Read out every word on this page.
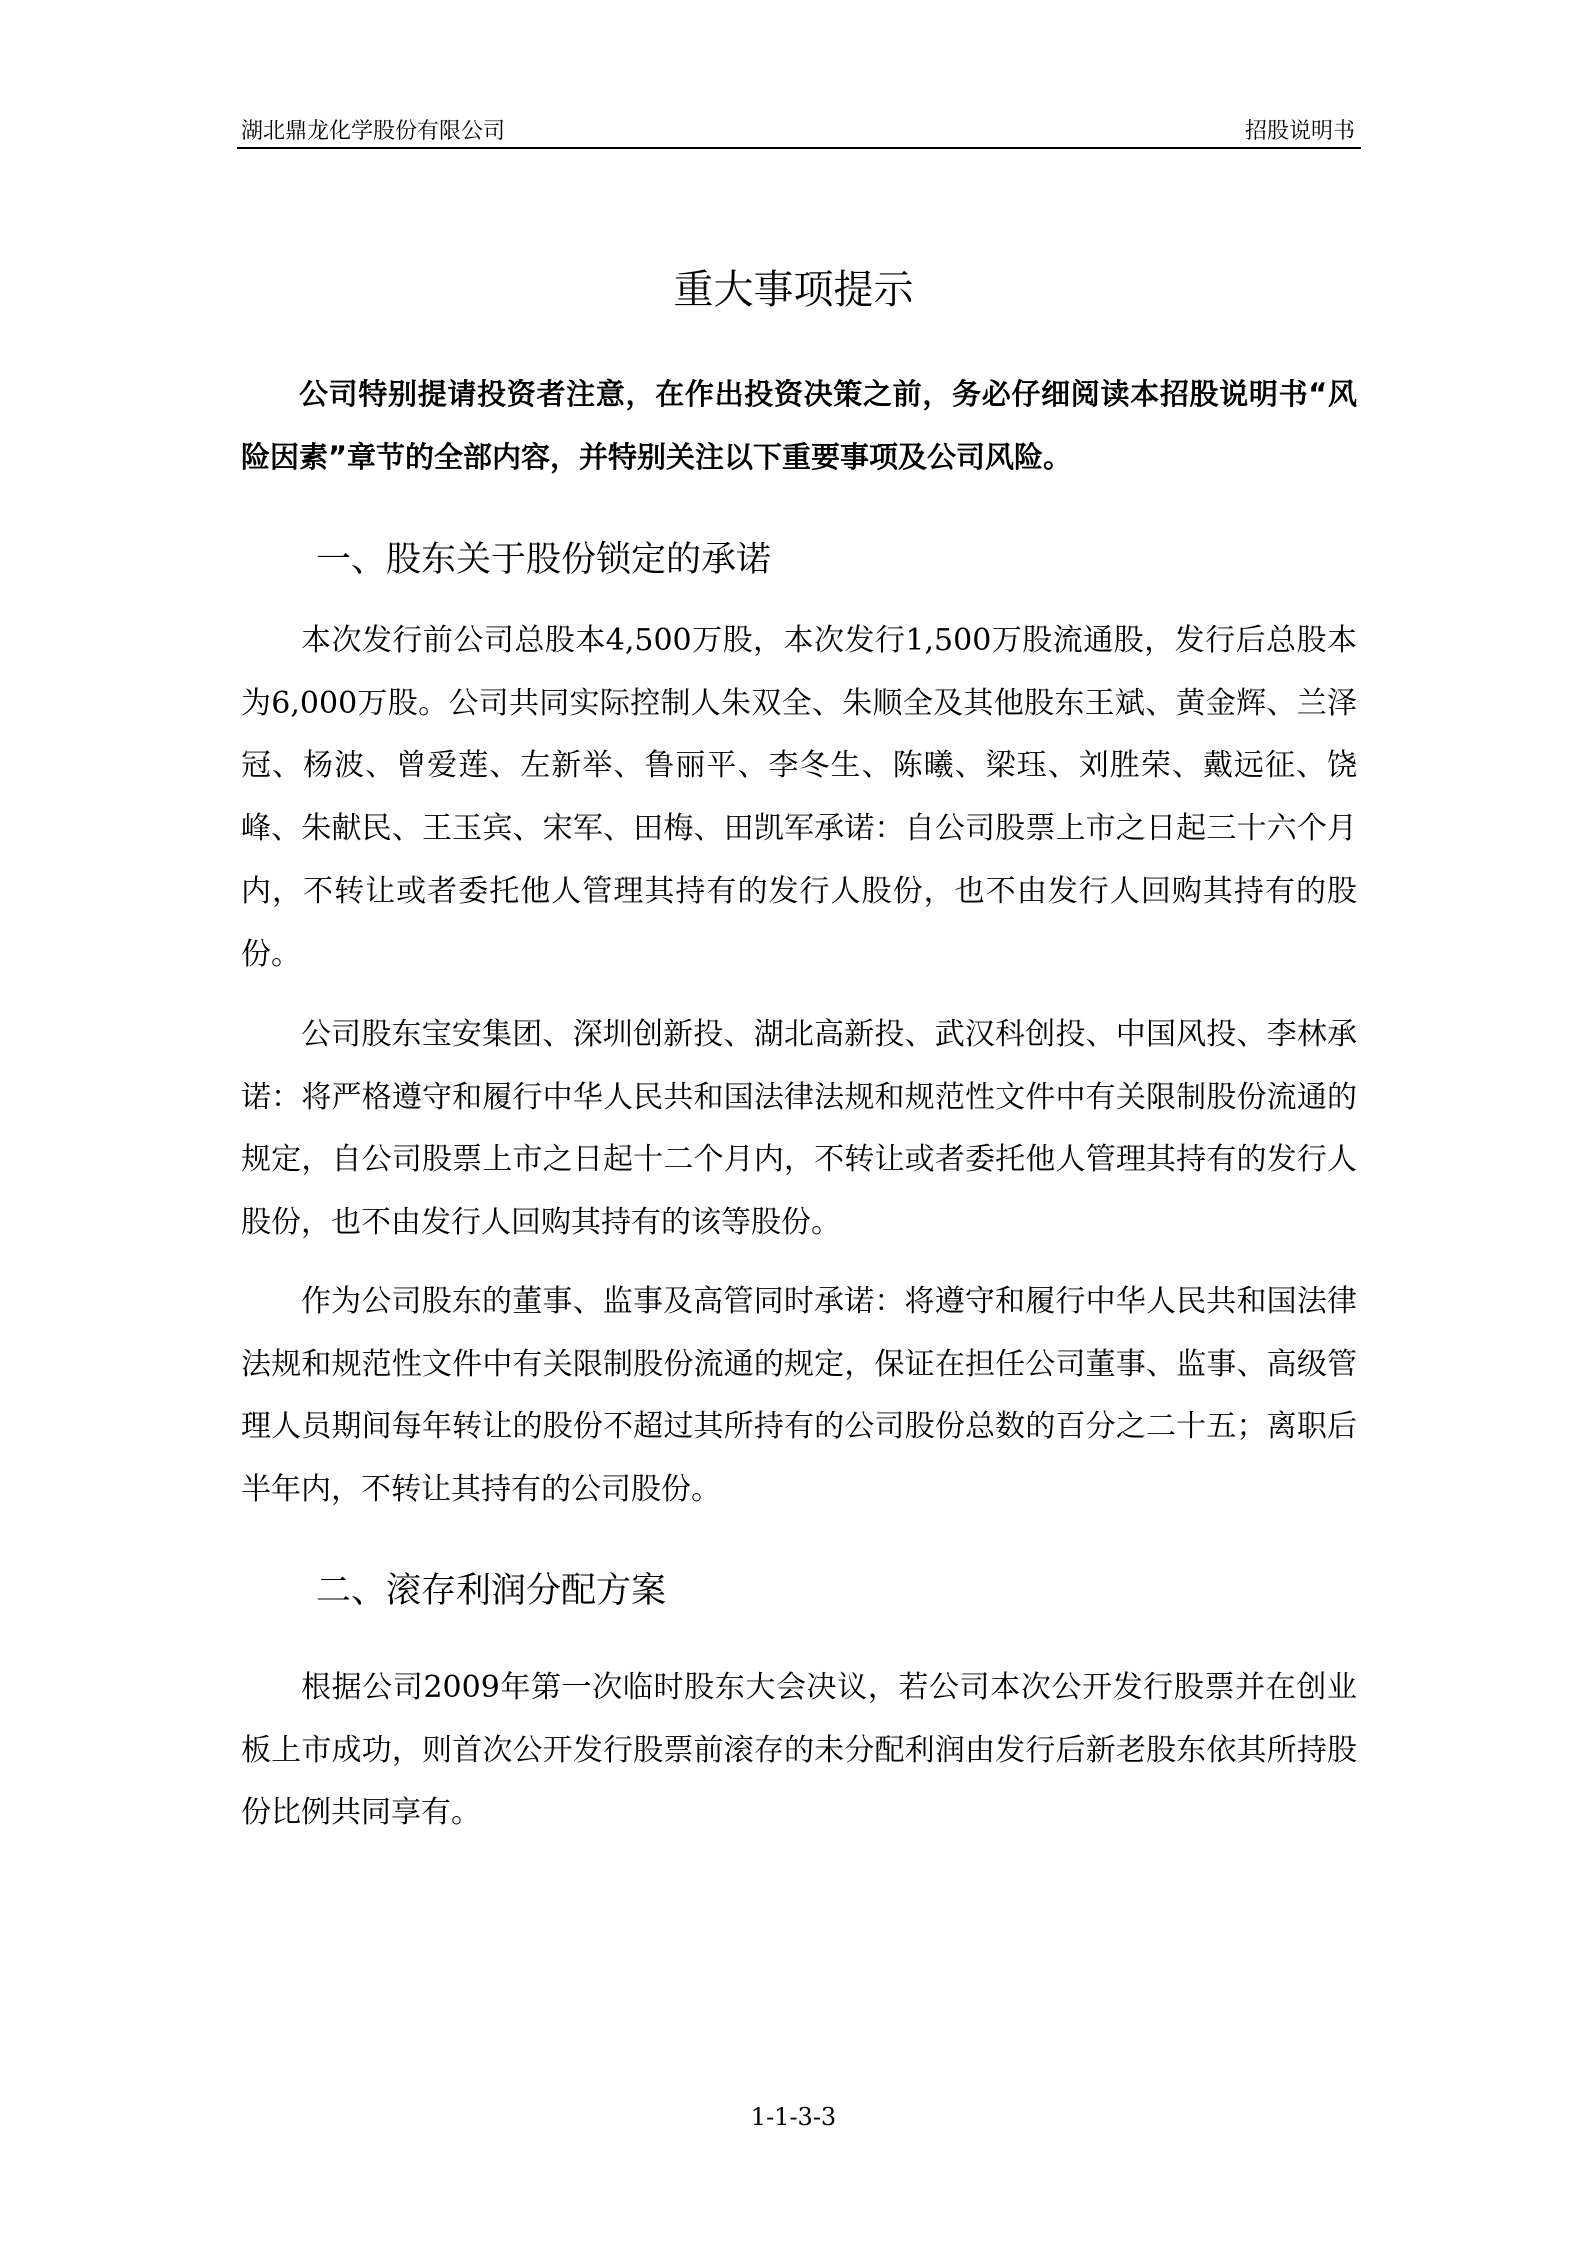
湖北鼎龙化学股份有限公司	招股说明书
重大事项提示
公司特别提请投资者注意，在作出投资决策之前，务必仔细阅读本招股说明书“风险因素”章节的全部内容，并特别关注以下重要事项及公司风险。
一、股东关于股份锁定的承诺
本次发行前公司总股本4,500万股，本次发行1,500万股流通股，发行后总股本为6,000万股。公司共同实际控制人朱双全、朱顺全及其他股东王斌、黄金辉、兰泽冠、杨波、曾爱莲、左新举、鲁丽平、李冬生、陈曦、梁珏、刘胜荣、戴远征、饶峰、朱献民、王玉宾、宋军、田梅、田凯军承诺：自公司股票上市之日起三十六个月内，不转让或者委托他人管理其持有的发行人股份，也不由发行人回购其持有的股份。
公司股东宝安集团、深圳创新投、湖北高新投、武汉科创投、中国风投、李林承诺：将严格遵守和履行中华人民共和国法律法规和规范性文件中有关限制股份流通的规定，自公司股票上市之日起十二个月内，不转让或者委托他人管理其持有的发行人股份，也不由发行人回购其持有的该等股份。
作为公司股东的董事、监事及高管同时承诺：将遵守和履行中华人民共和国法律法规和规范性文件中有关限制股份流通的规定，保证在担任公司董事、监事、高级管理人员期间每年转让的股份不超过其所持有的公司股份总数的百分之二十五；离职后半年内，不转让其持有的公司股份。
二、滚存利润分配方案
根据公司2009年第一次临时股东大会决议，若公司本次公开发行股票并在创业板上市成功，则首次公开发行股票前滚存的未分配利润由发行后新老股东依其所持股份比例共同享有。
1-1-3-3
